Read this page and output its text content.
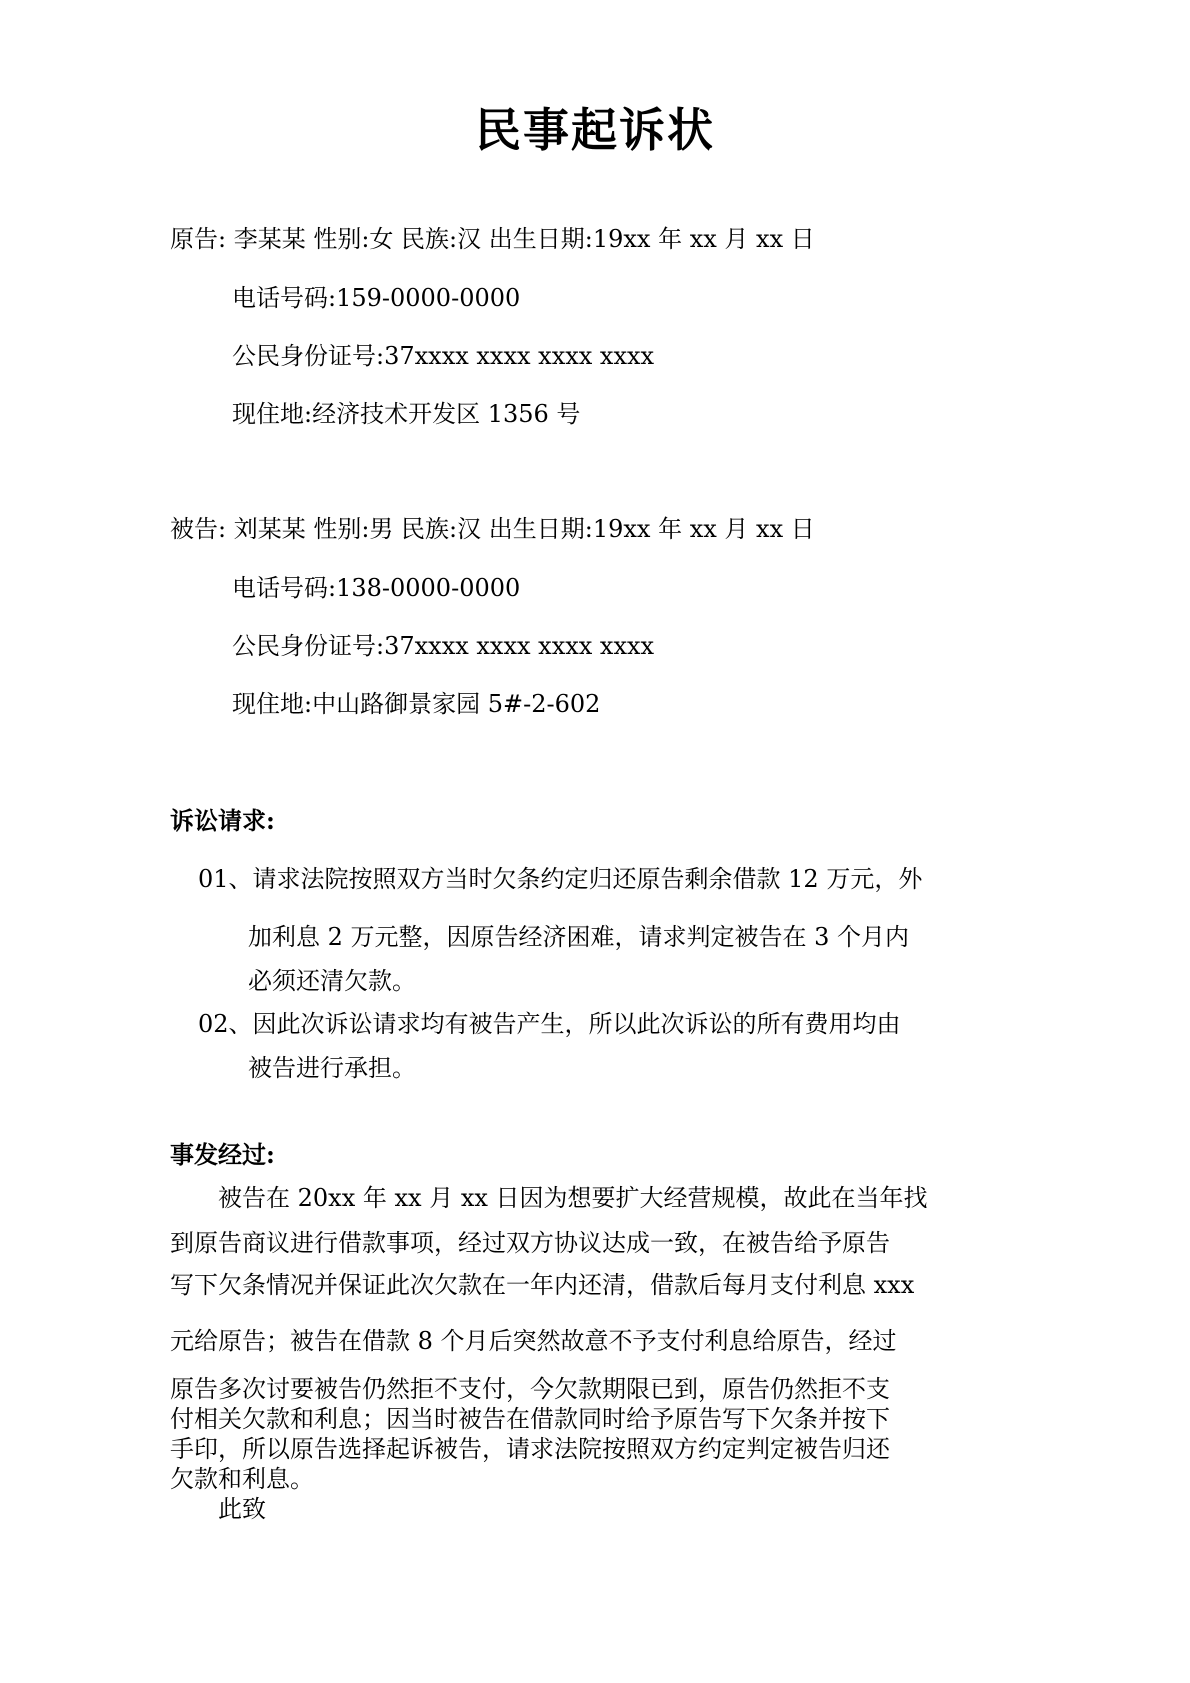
民事起诉状
原告: 李某某 性别:女 民族:汉 出生日期:19xx 年 xx 月 xx 日
电话号码:159-0000-0000
公民身份证号:37xxxx xxxx xxxx xxxx
现住地:经济技术开发区 1356 号
被告: 刘某某 性别:男 民族:汉 出生日期:19xx 年 xx 月 xx 日
电话号码:138-0000-0000
公民身份证号:37xxxx xxxx xxxx xxxx
现住地:中山路御景家园 5#-2-602
诉讼请求:
01、请求法院按照双方当时欠条约定归还原告剩余借款 12 万元，外
加利息 2 万元整，因原告经济困难，请求判定被告在 3 个月内
必须还清欠款。
02、因此次诉讼请求均有被告产生，所以此次诉讼的所有费用均由
被告进行承担。
事发经过:
被告在 20xx 年 xx 月 xx 日因为想要扩大经营规模，故此在当年找
到原告商议进行借款事项，经过双方协议达成一致，在被告给予原告
写下欠条情况并保证此次欠款在一年内还清，借款后每月支付利息 xxx
元给原告；被告在借款 8 个月后突然故意不予支付利息给原告，经过
原告多次讨要被告仍然拒不支付，今欠款期限已到，原告仍然拒不支
付相关欠款和利息；因当时被告在借款同时给予原告写下欠条并按下
手印，所以原告选择起诉被告，请求法院按照双方约定判定被告归还
欠款和利息。
此致
